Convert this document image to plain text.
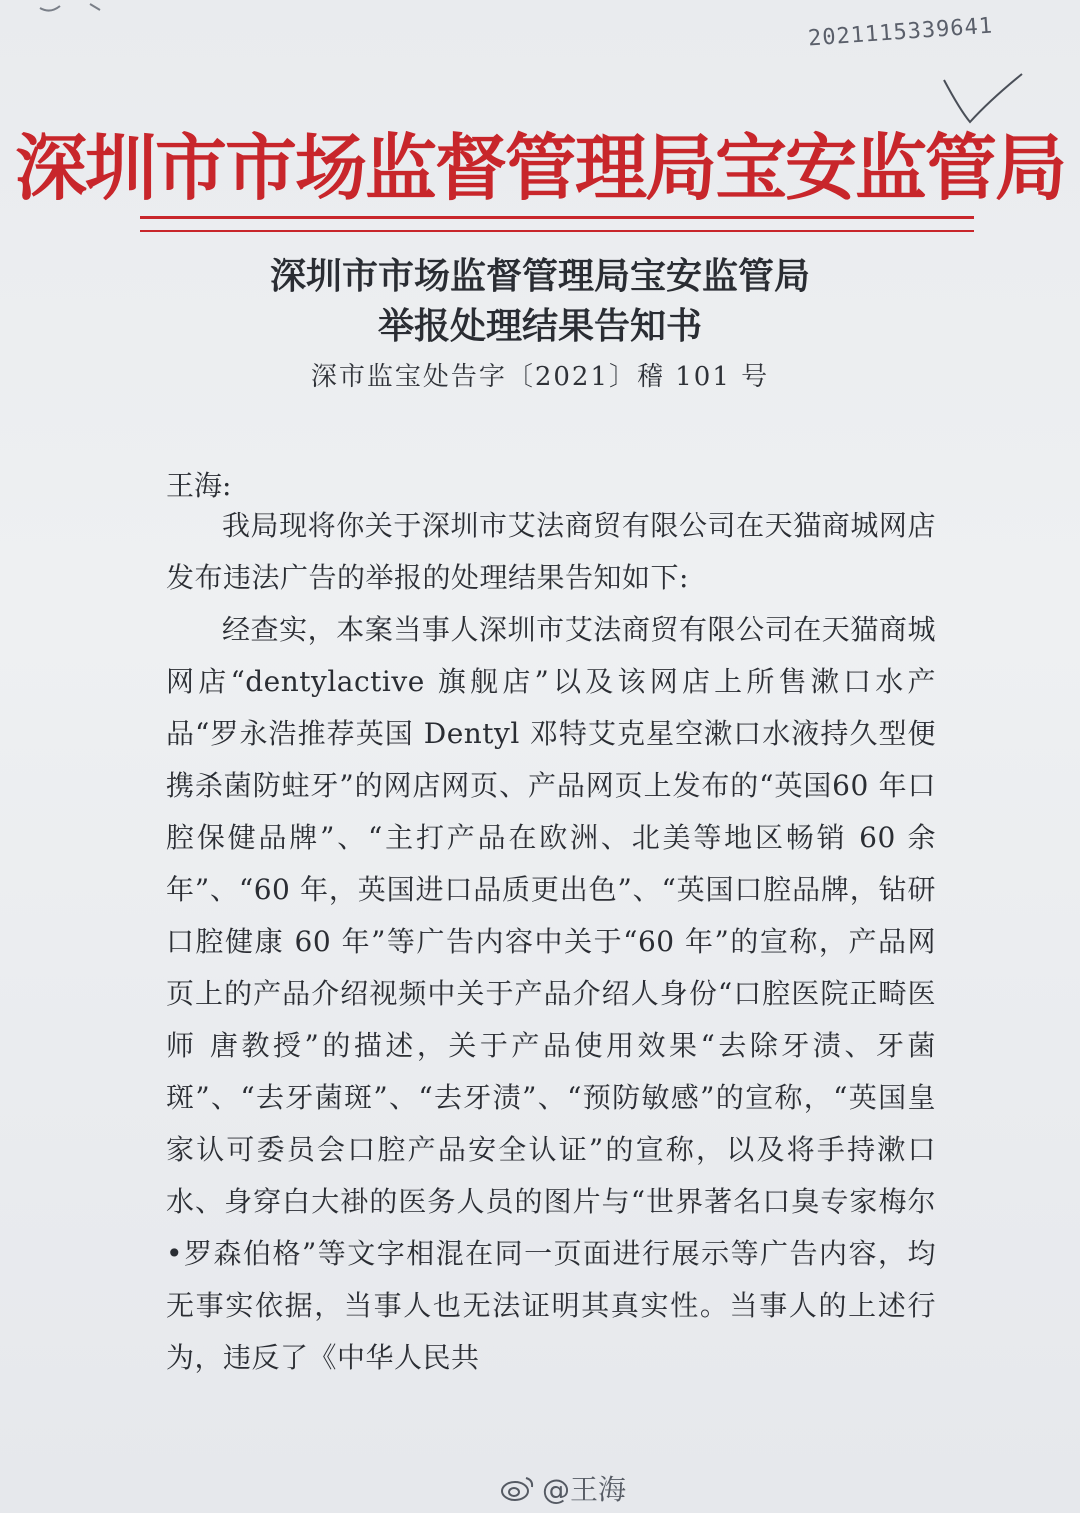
2021115339641
深圳市市场监督管理局宝安监管局
深圳市市场监督管理局宝安监管局
举报处理结果告知书
深市监宝处告字〔2021〕稽 101 号
王海:

我局现将你关于深圳市艾法商贸有限公司在天猫商城网店发布违法广告的举报的处理结果告知如下:

经查实，本案当事人深圳市艾法商贸有限公司在天猫商城网店“dentylactive 旗舰店”以及该网店上所售漱口水产品“罗永浩推荐英国 Dentyl 邓特艾克星空漱口水液持久型便携杀菌防蛀牙”的网店网页、产品网页上发布的“英国60 年口腔保健品牌”、“主打产品在欧洲、北美等地区畅销 60 余年”、“60 年，英国进口品质更出色”、“英国口腔品牌，钻研口腔健康 60 年”等广告内容中关于“60 年”的宣称，产品网页上的产品介绍视频中关于产品介绍人身份“口腔医院正畸医师 唐教授”的描述，关于产品使用效果“去除牙渍、牙菌斑”、“去牙菌斑”、“去牙渍”、“预防敏感”的宣称，“英国皇家认可委员会口腔产品安全认证”的宣称，以及将手持漱口水、身穿白大褂的医务人员的图片与“世界著名口臭专家梅尔•罗森伯格”等文字相混在同一页面进行展示等广告内容，均无事实依据，当事人也无法证明其真实性。当事人的上述行为，违反了《中华人民共

@王海
